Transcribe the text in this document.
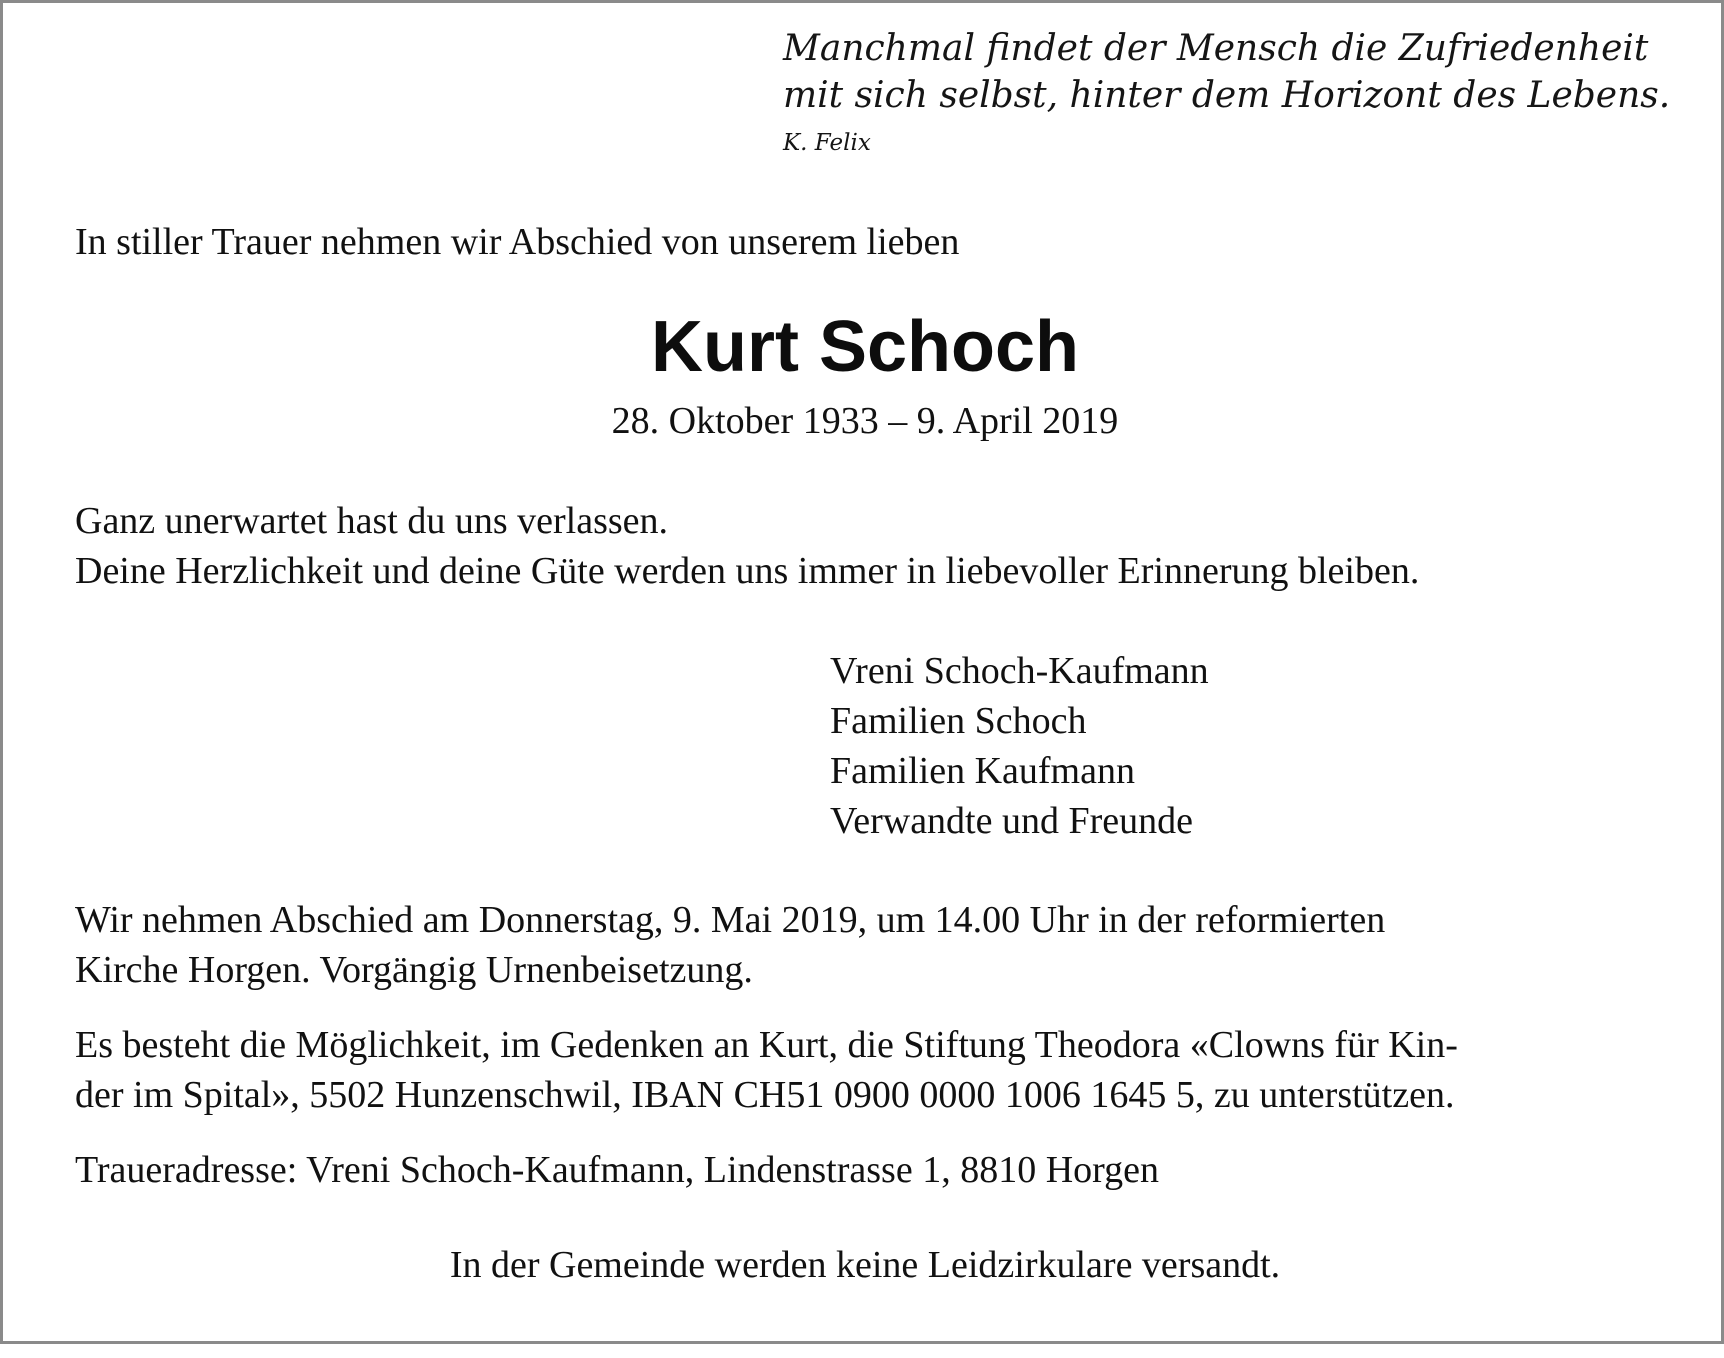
Manchmal findet der Mensch die Zufriedenheit
mit sich selbst, hinter dem Horizont des Lebens.
K. Felix
In stiller Trauer nehmen wir Abschied von unserem lieben
Kurt Schoch
28. Oktober 1933 – 9. April 2019
Ganz unerwartet hast du uns verlassen.
Deine Herzlichkeit und deine Güte werden uns immer in liebevoller Erinnerung bleiben.
Vreni Schoch-Kaufmann
Familien Schoch
Familien Kaufmann
Verwandte und Freunde
Wir nehmen Abschied am Donnerstag, 9. Mai 2019, um 14.00 Uhr in der reformierten
Kirche Horgen. Vorgängig Urnenbeisetzung.
Es besteht die Möglichkeit, im Gedenken an Kurt, die Stiftung Theodora «Clowns für Kin-
der im Spital», 5502 Hunzenschwil, IBAN CH51 0900 0000 1006 1645 5, zu unterstützen.
Traueradresse: Vreni Schoch-Kaufmann, Lindenstrasse 1, 8810 Horgen
In der Gemeinde werden keine Leidzirkulare versandt.
